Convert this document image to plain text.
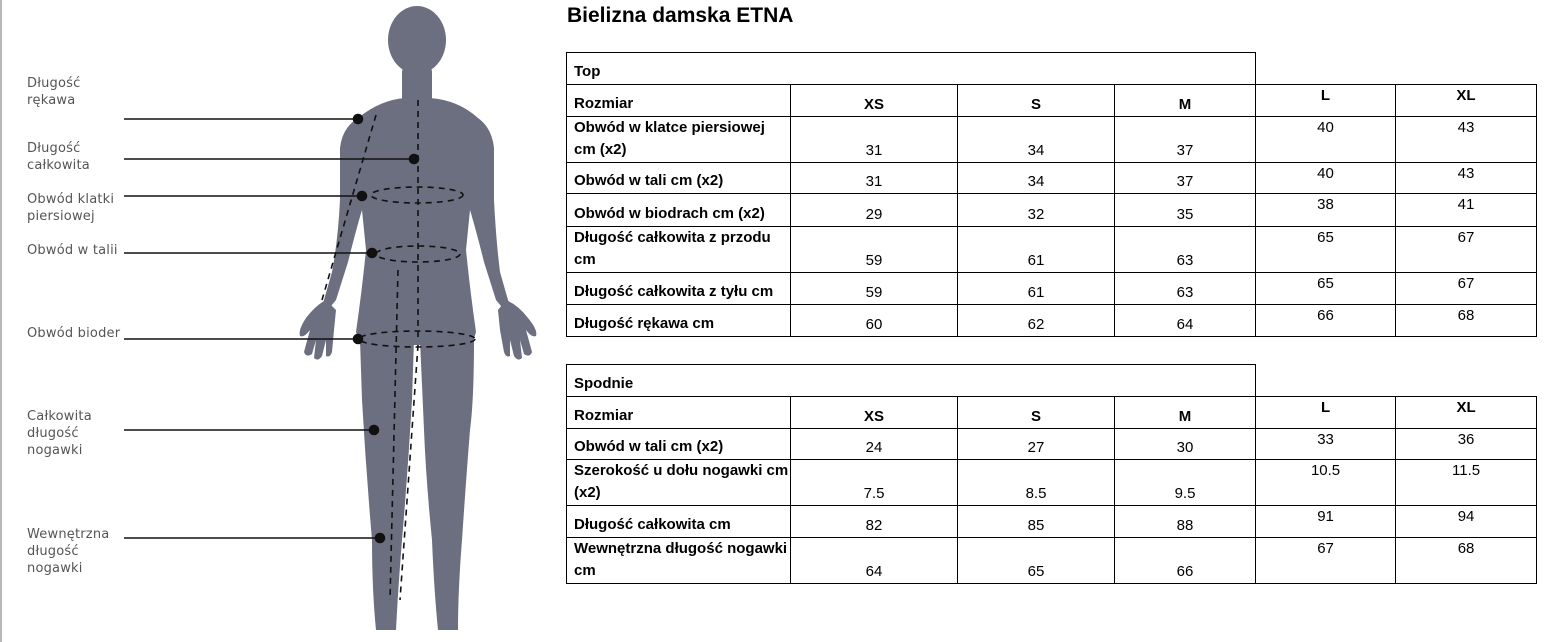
Długość
rękawa
Długość
całkowita
Obwód klatki
piersiowej
Obwód w talii
Obwód bioder
Całkowita
długość
nogawki
Wewnętrzna
długość
nogawki
Bielizna damska ETNA
Top					
Rozmiar	XS	S	M	L	XL
Obwód w klatce piersiowej cm (x2)	31	34	37	40	43
Obwód w tali cm (x2)	31	34	37	40	43
Obwód w biodrach cm (x2)	29	32	35	38	41
Długość całkowita z przodu cm	59	61	63	65	67
Długość całkowita z tyłu cm	59	61	63	65	67
Długość rękawa cm	60	62	64	66	68
Spodnie					
Rozmiar	XS	S	M	L	XL
Obwód w tali cm (x2)	24	27	30	33	36
Szerokość u dołu nogawki cm (x2)	7.5	8.5	9.5	10.5	11.5
Długość całkowita cm	82	85	88	91	94
Wewnętrzna długość nogawki cm	64	65	66	67	68
